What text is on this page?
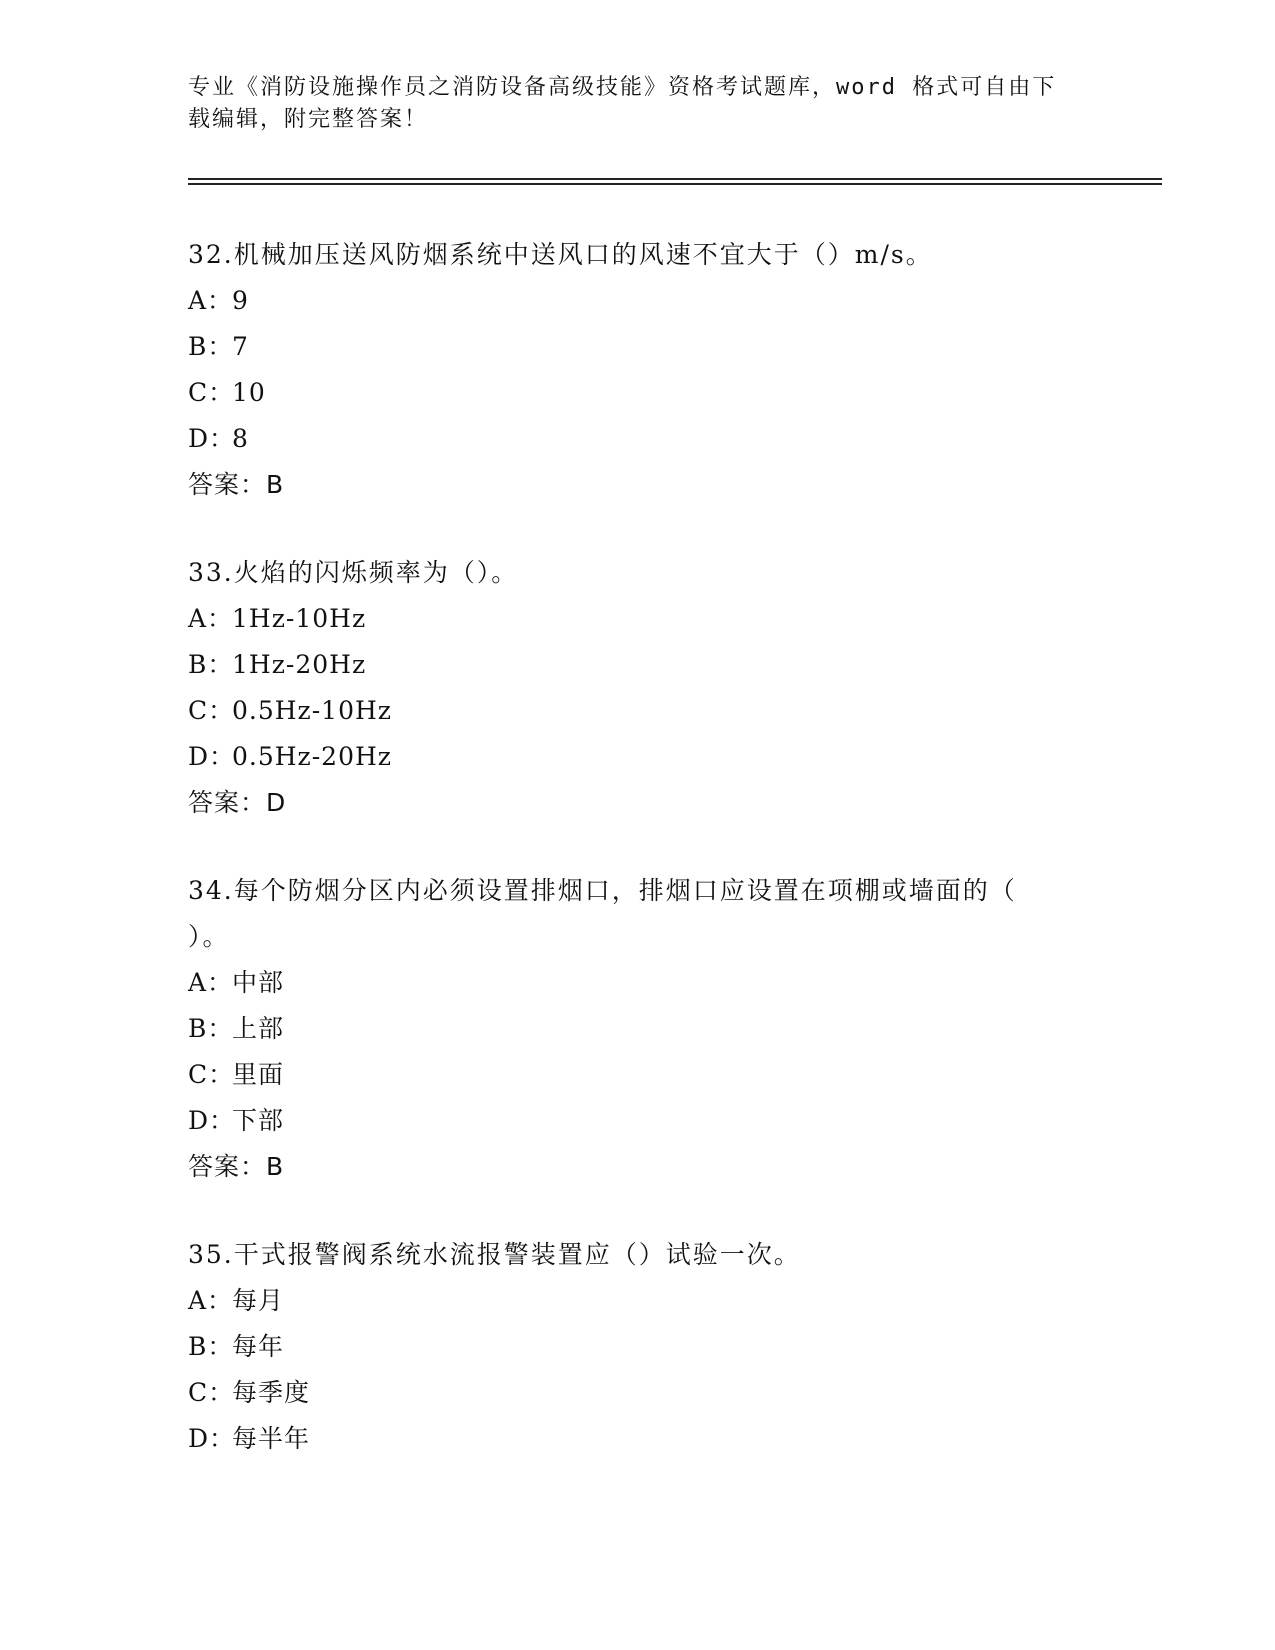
专业《消防设施操作员之消防设备高级技能》资格考试题库，word 格式可自由下
载编辑，附完整答案！

32.机械加压送风防烟系统中送风口的风速不宜大于（）m/s。

A：
9

B：
7

C：
10

D：
8

答案：B

33.火焰的闪烁频率为（）。

A：
1Hz-10Hz

B：
1Hz-20Hz

C：
0.5Hz-10Hz

D：
0.5Hz-20Hz

答案：D

34.每个防烟分区内必须设置排烟口，排烟口应设置在项棚或墙面的（

）。

A：
中部

B：
上部

C：
里面

D：
下部

答案：B

35.干式报警阀系统水流报警装置应（）试验一次。

A：
每月

B：
每年

C：
每季度

D：
每半年
